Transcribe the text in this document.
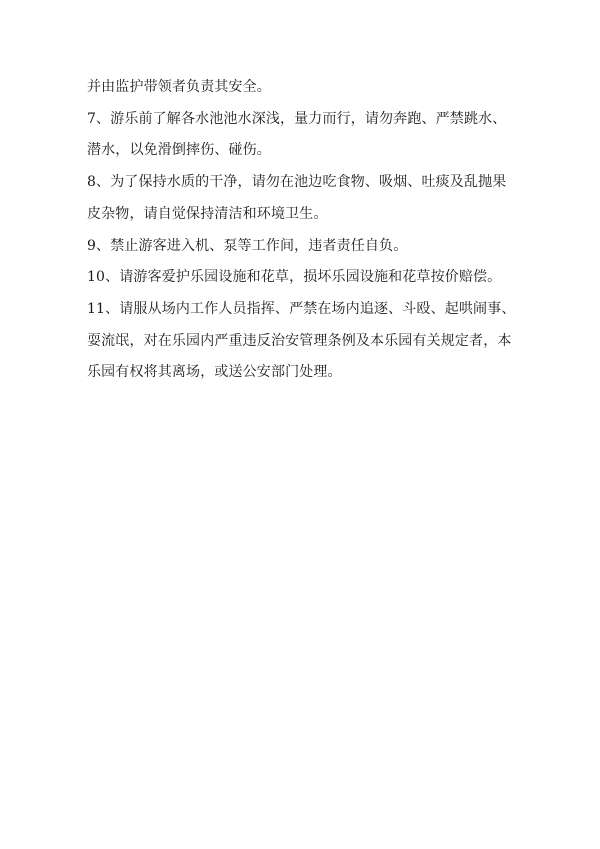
并由监护带领者负责其安全。

7、游乐前了解各水池池水深浅，量力而行，请勿奔跑、严禁跳水、

潜水，以免滑倒摔伤、碰伤。

8、为了保持水质的干净，请勿在池边吃食物、吸烟、吐痰及乱抛果

皮杂物，请自觉保持清洁和环境卫生。

9、禁止游客进入机、泵等工作间，违者责任自负。

10、请游客爱护乐园设施和花草，损坏乐园设施和花草按价赔偿。

11、请服从场内工作人员指挥、严禁在场内追逐、斗殴、起哄闹事、

耍流氓，对在乐园内严重违反治安管理条例及本乐园有关规定者，本

乐园有权将其离场，或送公安部门处理。
